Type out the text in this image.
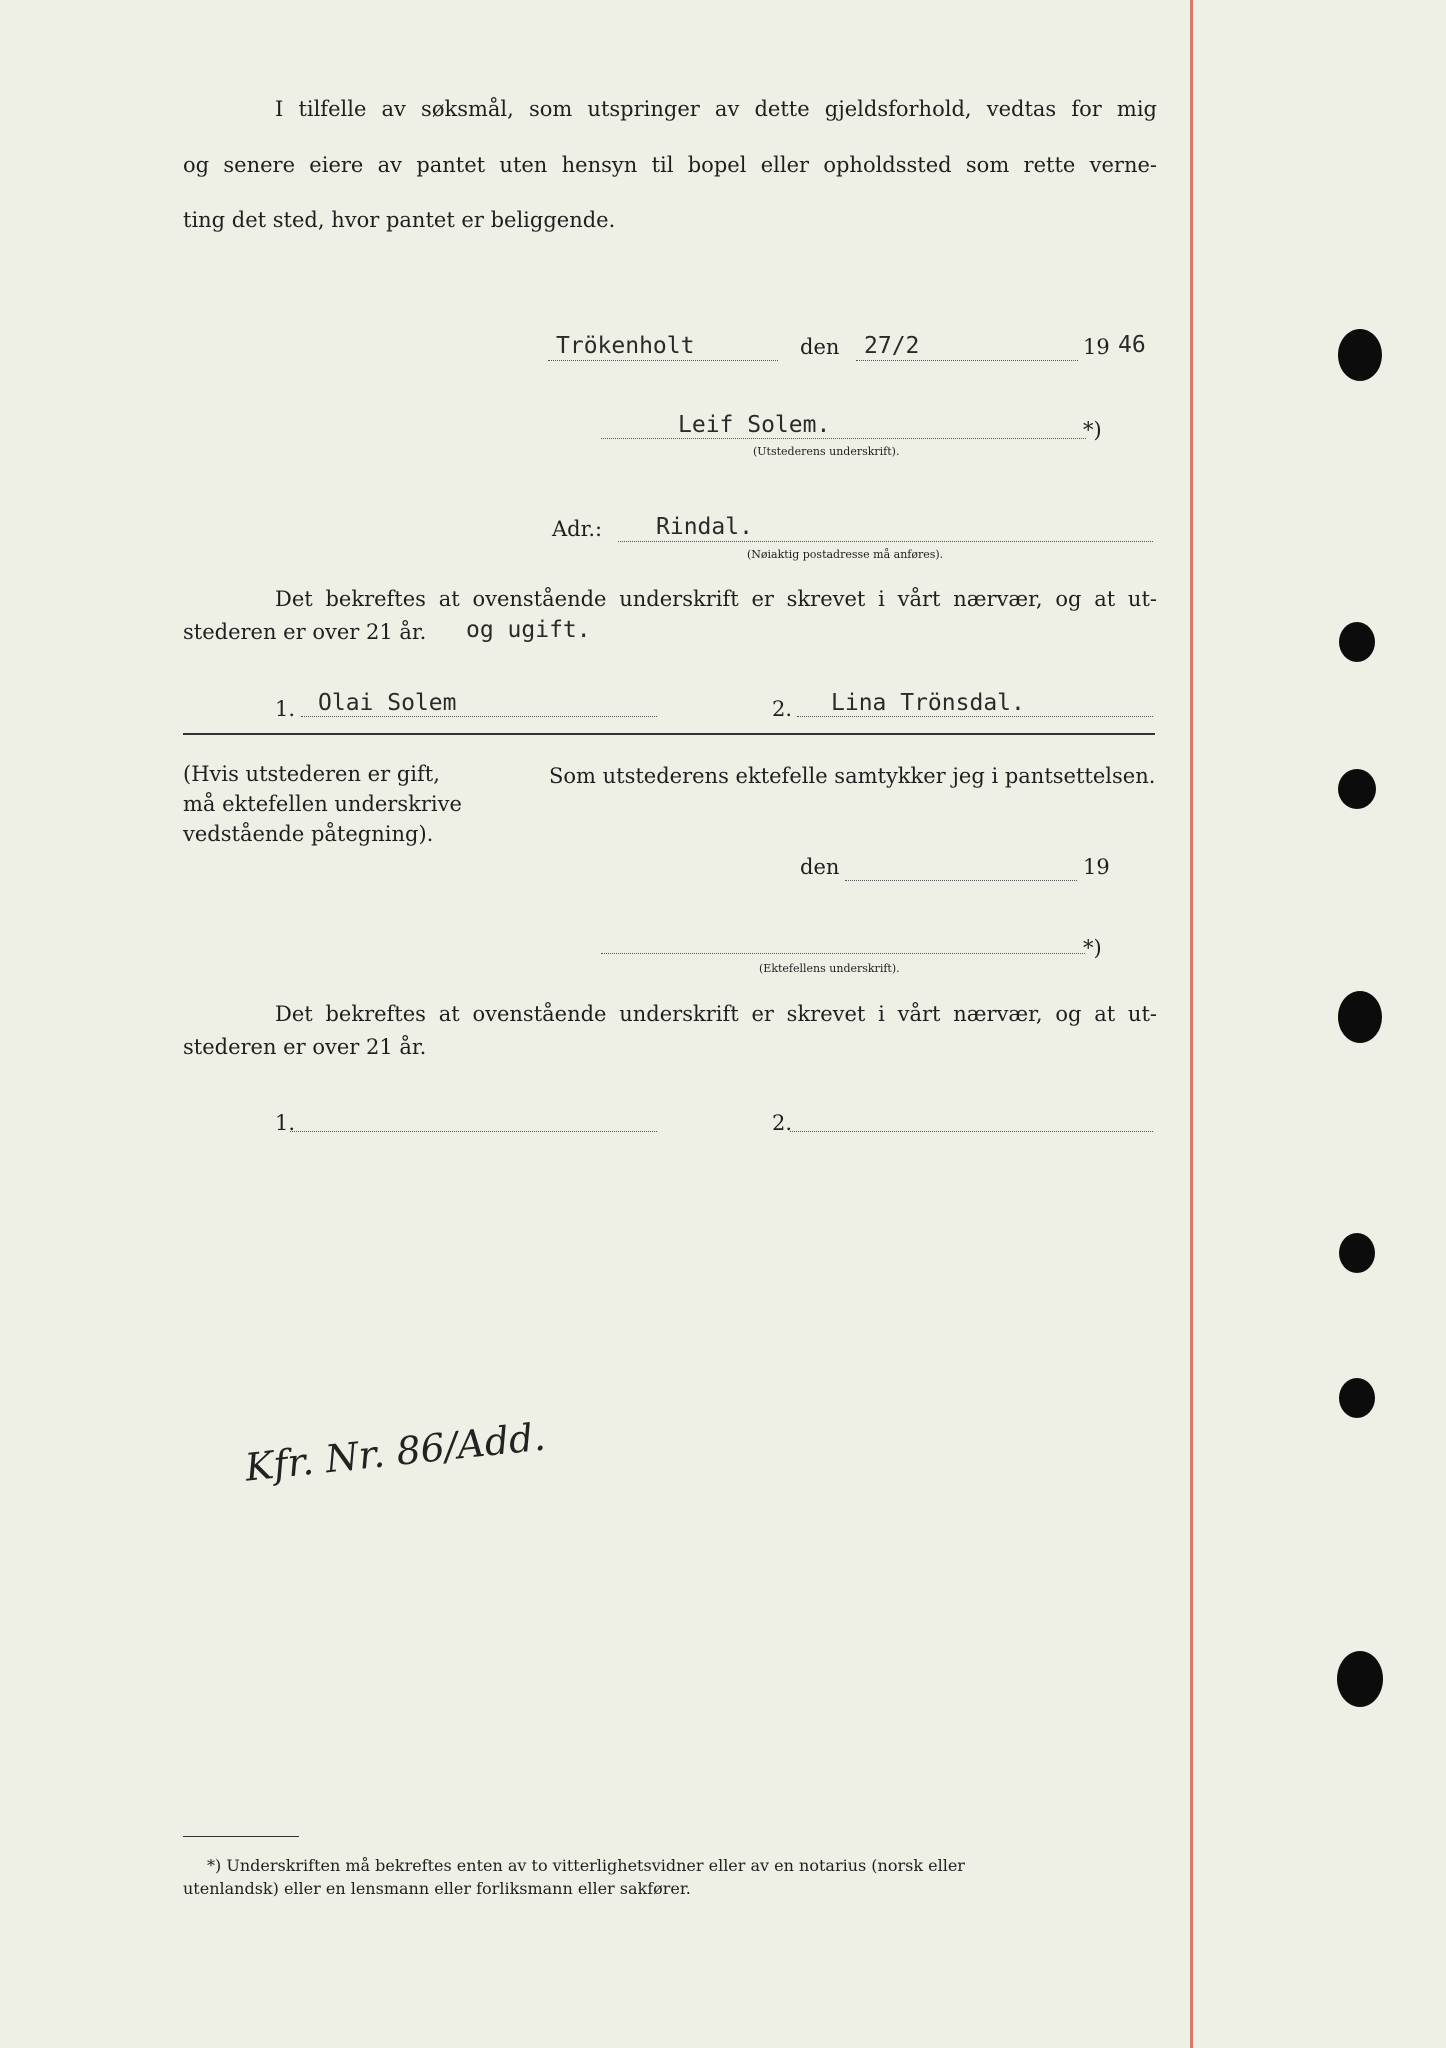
I tilfelle av søksmål, som utspringer av dette gjeldsforhold, vedtas for mig
og senere eiere av pantet uten hensyn til bopel eller opholdssted som rette verne-
ting det sted, hvor pantet er beliggende.
Trökenholt	den 27/2	19 46
Leif Solem.	*)
(Utstederens underskrift).
Adr.: Rindal.
(Nøiaktig postadresse må anføres).
Det bekreftes at ovenstående underskrift er skrevet i vårt nærvær, og at ut-
stederen er over 21 år. og ugift.
1. Olai Solem	2. Lina Trönsdal.
(Hvis utstederen er gift,
må ektefellen underskrive
vedstående påtegning).
Som utstederens ektefelle samtykker jeg i pantsettelsen.
den	19
*)
(Ektefellens underskrift).
Det bekreftes at ovenstående underskrift er skrevet i vårt nærvær, og at ut-
stederen er over 21 år.
1.	2.
Kfr. Nr. 86/Add.
*) Underskriften må bekreftes enten av to vitterlighetsvidner eller av en notarius (norsk eller
utenlandsk) eller en lensmann eller forliksmann eller sakfører.
